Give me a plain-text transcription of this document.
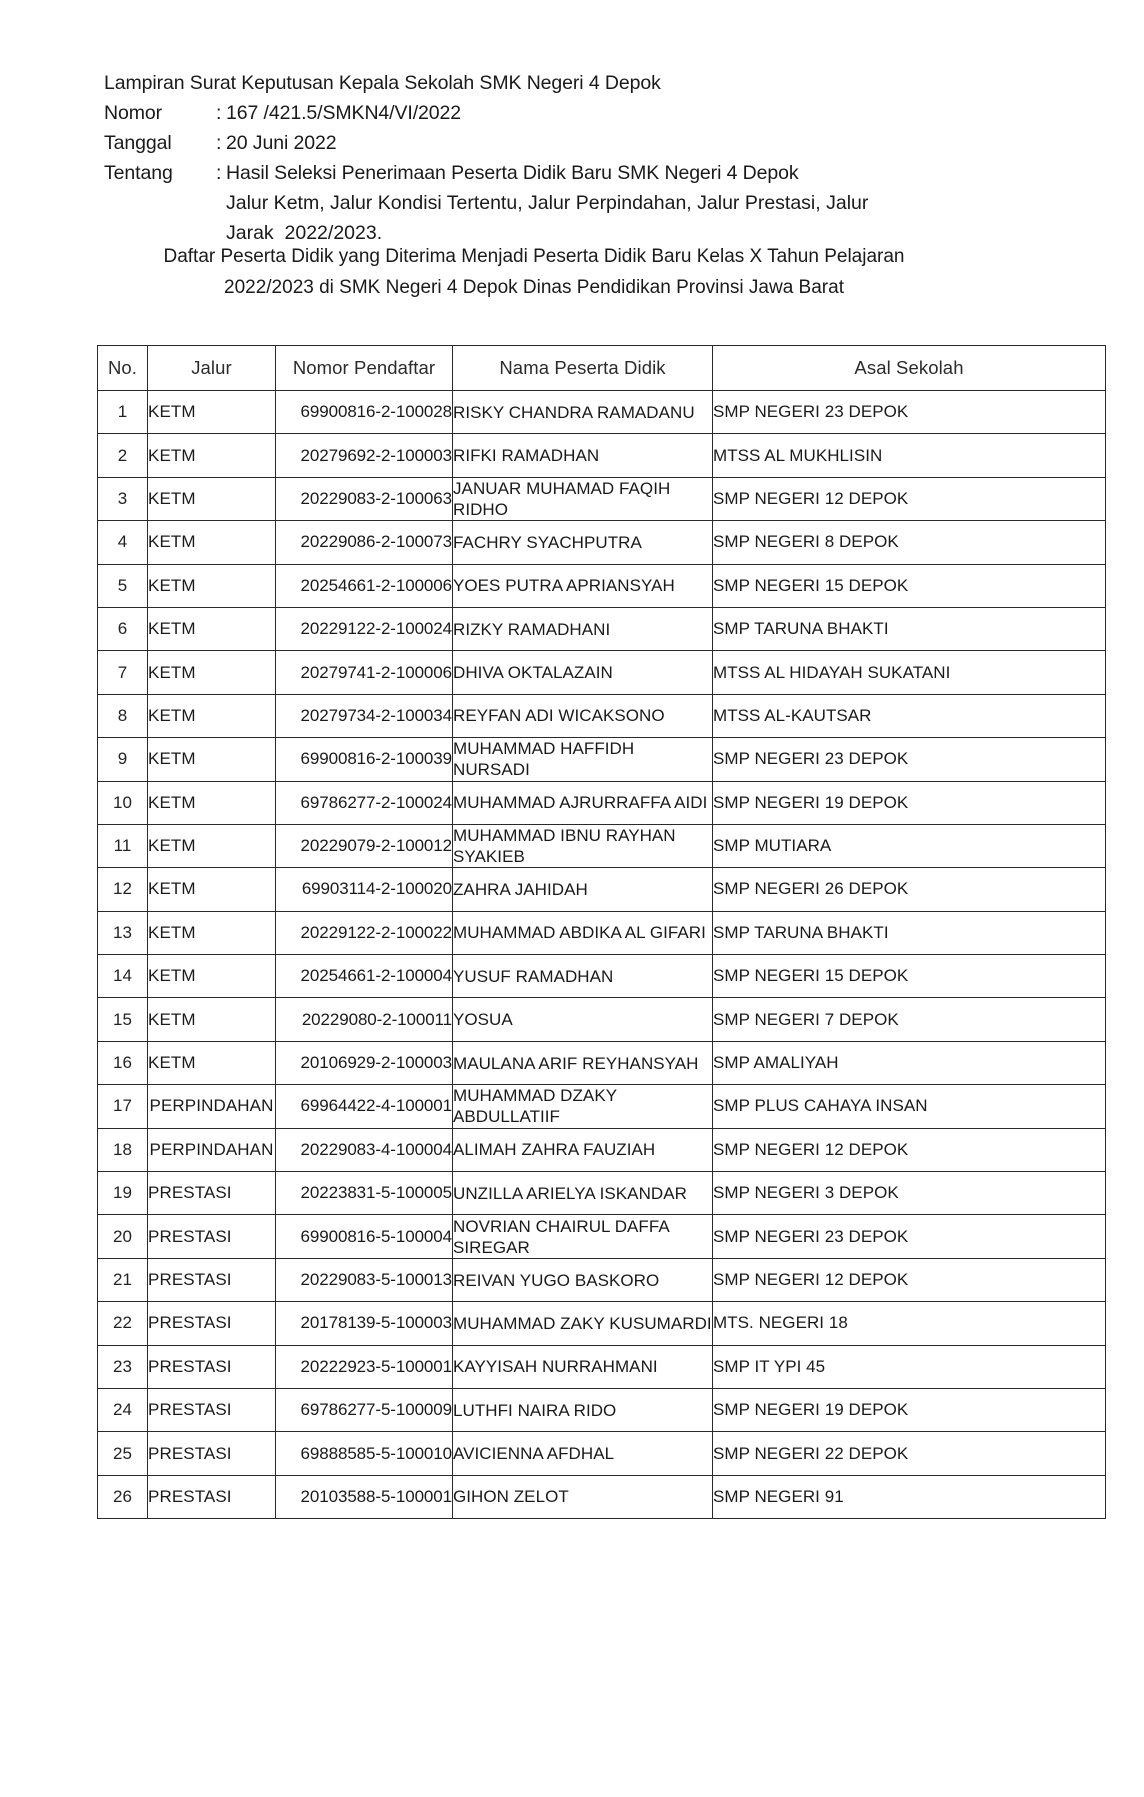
Lampiran Surat Keputusan Kepala Sekolah SMK Negeri 4 Depok
Nomor	: 167 /421.5/SMKN4/VI/2022
Tanggal	: 20 Juni 2022
Tentang	: Hasil Seleksi Penerimaan Peserta Didik Baru SMK Negeri 4 Depok
Jalur Ketm, Jalur Kondisi Tertentu, Jalur Perpindahan, Jalur Prestasi, Jalur
Jarak  2022/2023.
Daftar Peserta Didik yang Diterima Menjadi Peserta Didik Baru Kelas X Tahun Pelajaran
2022/2023 di SMK Negeri 4 Depok Dinas Pendidikan Provinsi Jawa Barat
No.	Jalur	Nomor Pendaftar	Nama Peserta Didik	Asal Sekolah
1	KETM	69900816-2-100028	RISKY CHANDRA RAMADANU	SMP NEGERI 23 DEPOK
2	KETM	20279692-2-100003	RIFKI RAMADHAN	MTSS AL MUKHLISIN
3	KETM	20229083-2-100063	JANUAR MUHAMAD FAQIH RIDHO	SMP NEGERI 12 DEPOK
4	KETM	20229086-2-100073	FACHRY SYACHPUTRA	SMP NEGERI 8 DEPOK
5	KETM	20254661-2-100006	YOES PUTRA APRIANSYAH	SMP NEGERI 15 DEPOK
6	KETM	20229122-2-100024	RIZKY RAMADHANI	SMP TARUNA BHAKTI
7	KETM	20279741-2-100006	DHIVA OKTALAZAIN	MTSS AL HIDAYAH SUKATANI
8	KETM	20279734-2-100034	REYFAN ADI WICAKSONO	MTSS AL-KAUTSAR
9	KETM	69900816-2-100039	MUHAMMAD HAFFIDH NURSADI	SMP NEGERI 23 DEPOK
10	KETM	69786277-2-100024	MUHAMMAD AJRURRAFFA AIDI	SMP NEGERI 19 DEPOK
11	KETM	20229079-2-100012	MUHAMMAD IBNU RAYHAN SYAKIEB	SMP MUTIARA
12	KETM	69903114-2-100020	ZAHRA JAHIDAH	SMP NEGERI 26 DEPOK
13	KETM	20229122-2-100022	MUHAMMAD ABDIKA AL GIFARI	SMP TARUNA BHAKTI
14	KETM	20254661-2-100004	YUSUF RAMADHAN	SMP NEGERI 15 DEPOK
15	KETM	20229080-2-100011	YOSUA	SMP NEGERI 7 DEPOK
16	KETM	20106929-2-100003	MAULANA ARIF REYHANSYAH	SMP AMALIYAH
17	PERPINDAHAN	69964422-4-100001	MUHAMMAD DZAKY ABDULLATIIF	SMP PLUS CAHAYA INSAN
18	PERPINDAHAN	20229083-4-100004	ALIMAH ZAHRA FAUZIAH	SMP NEGERI 12 DEPOK
19	PRESTASI	20223831-5-100005	UNZILLA ARIELYA ISKANDAR	SMP NEGERI 3 DEPOK
20	PRESTASI	69900816-5-100004	NOVRIAN CHAIRUL DAFFA SIREGAR	SMP NEGERI 23 DEPOK
21	PRESTASI	20229083-5-100013	REIVAN YUGO BASKORO	SMP NEGERI 12 DEPOK
22	PRESTASI	20178139-5-100003	MUHAMMAD ZAKY KUSUMARDI	MTS. NEGERI 18
23	PRESTASI	20222923-5-100001	KAYYISAH NURRAHMANI	SMP IT YPI 45
24	PRESTASI	69786277-5-100009	LUTHFI NAIRA RIDO	SMP NEGERI 19 DEPOK
25	PRESTASI	69888585-5-100010	AVICIENNA AFDHAL	SMP NEGERI 22 DEPOK
26	PRESTASI	20103588-5-100001	GIHON ZELOT	SMP NEGERI 91
